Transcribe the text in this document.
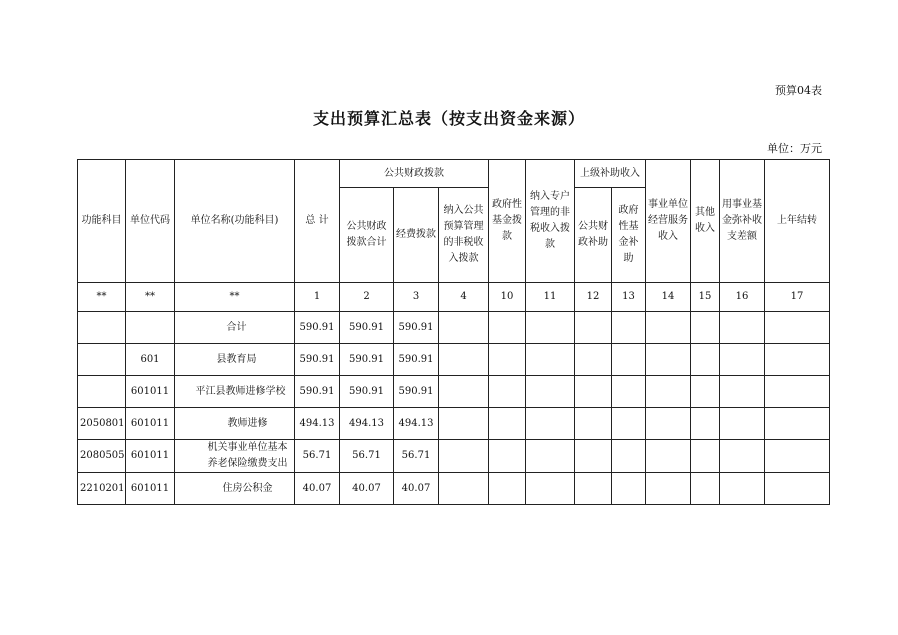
预算04表
支出预算汇总表（按支出资金来源）
单位：万元
功能科目	单位代码	单位名称(功能科目)	总 计	公共财政拨款			政府性基金拨款	纳入专户管理的非税收入拨款	上级补助收入		事业单位经营服务收入	其他收入	用事业基金弥补收支差额	上年结转
				公共财政拨款合计	经费拨款	纳入公共预算管理的非税收入拨款			公共财政补助	政府性基金补助				
**	**	**	1	2	3	4	10	11	12	13	14	15	16	17
		合计	590.91	590.91	590.91									
	601	县教育局	590.91	590.91	590.91									
	601011	平江县教师进修学校	590.91	590.91	590.91									
2050801	601011	教师进修	494.13	494.13	494.13									
2080505	601011	机关事业单位基本养老保险缴费支出	56.71	56.71	56.71									
2210201	601011	住房公积金	40.07	40.07	40.07									
